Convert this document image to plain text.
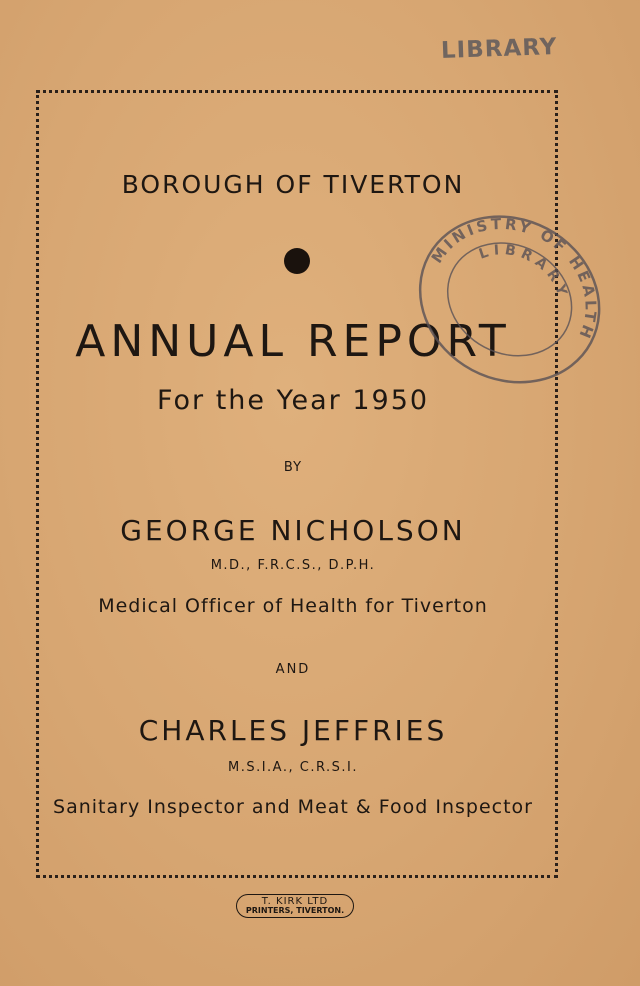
LIBRARY
BOROUGH OF TIVERTON
ANNUAL REPORT
For the Year 1950
BY
GEORGE NICHOLSON
M.D., F.R.C.S., D.P.H.
Medical Officer of Health for Tiverton
AND
CHARLES JEFFRIES
M.S.I.A., C.R.S.I.
Sanitary Inspector and Meat & Food Inspector
MINISTRY OF HEALTH
LIBRARY
T. KIRK LTD
PRINTERS, TIVERTON.
